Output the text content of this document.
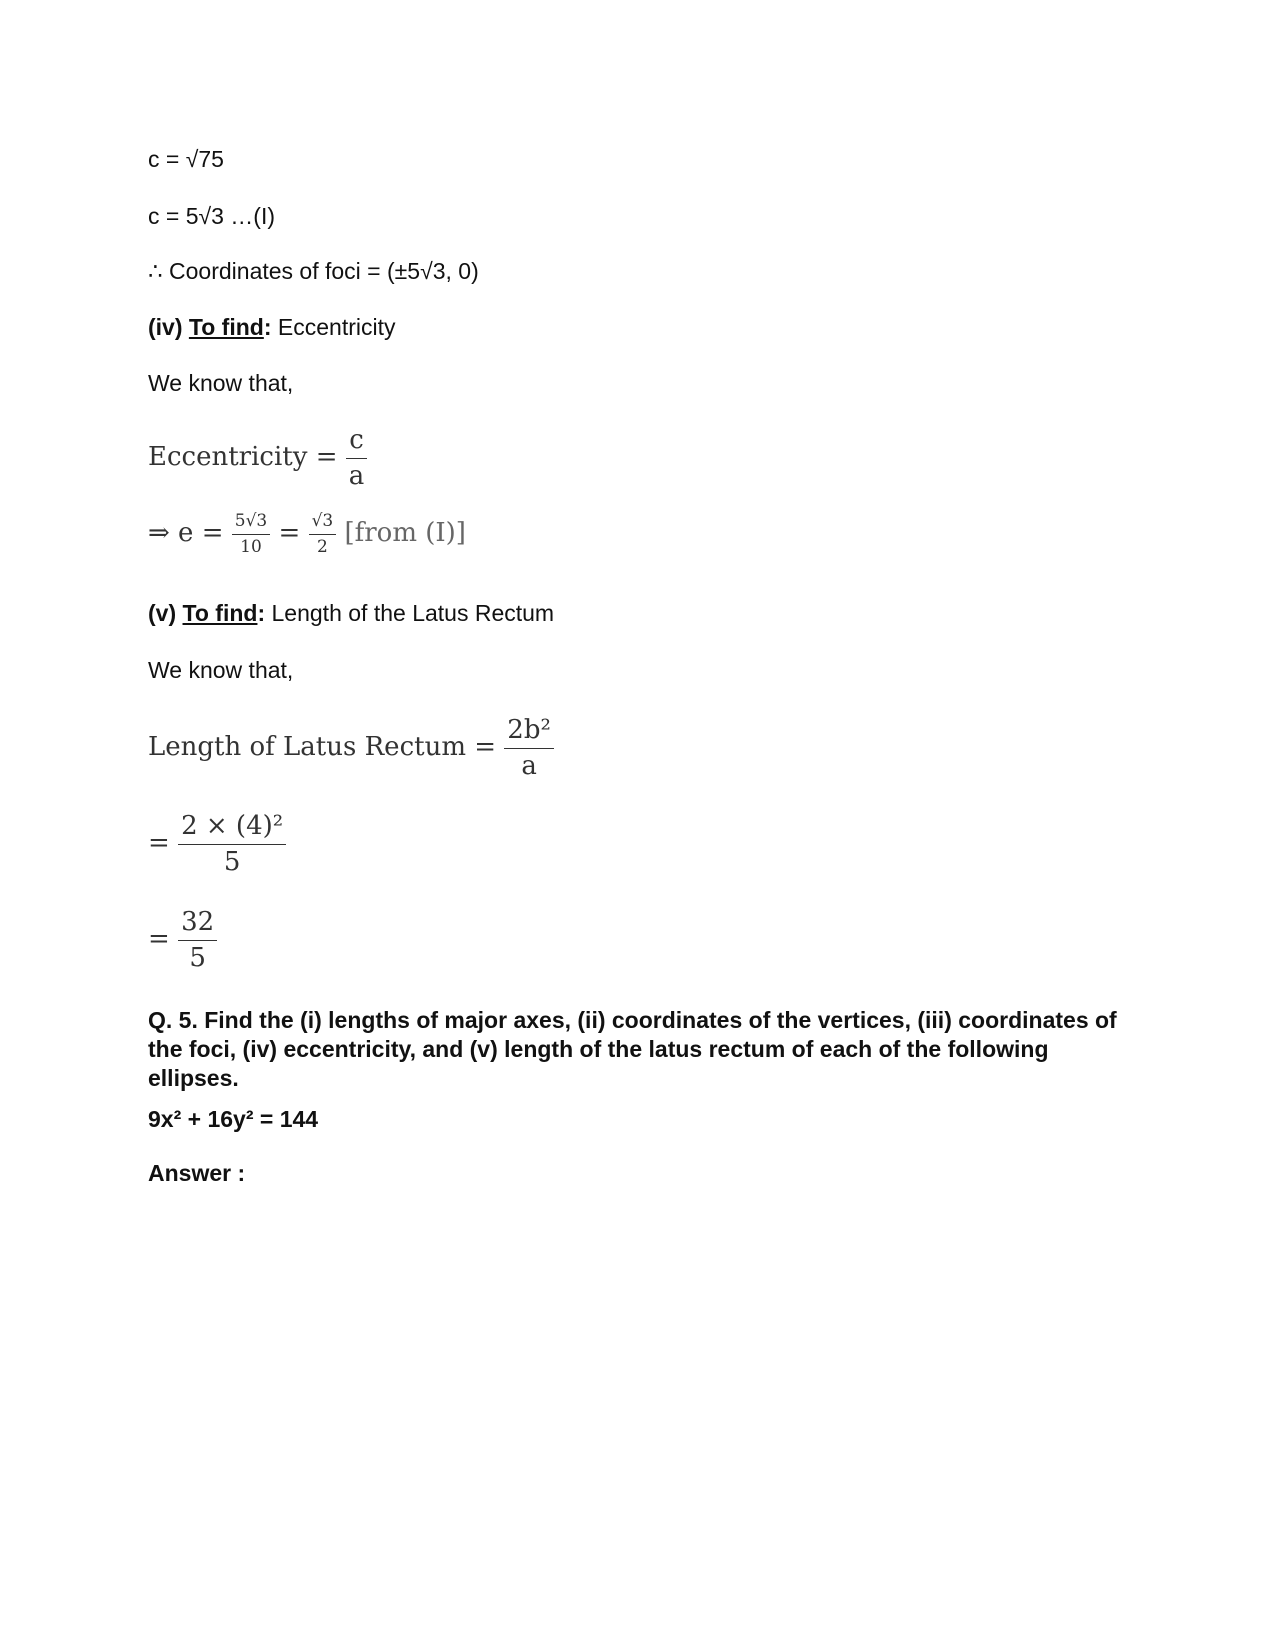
c = √75
c = 5√3 …(I)
∴ Coordinates of foci = (±5√3, 0)
(iv) To find: Eccentricity
We know that,
Eccentricity = $\frac{c}{a}$
⇒ $e = \frac{5√3}{10} = \frac{√3}{2}$ [from (I)]
(v) To find: Length of the Latus Rectum
We know that,
Length of Latus Rectum = $\frac{\text{2b²}}{a}$
= $\frac{\text{2 × (4)²}}{5}$
= $\frac{32}{5}$
Q. 5. Find the (i) lengths of major axes, (ii) coordinates of the vertices, (iii) coordinates of the foci, (iv) eccentricity, and (v) length of the latus rectum of each of the following ellipses.
9x² + 16y² = 144
Answer :
